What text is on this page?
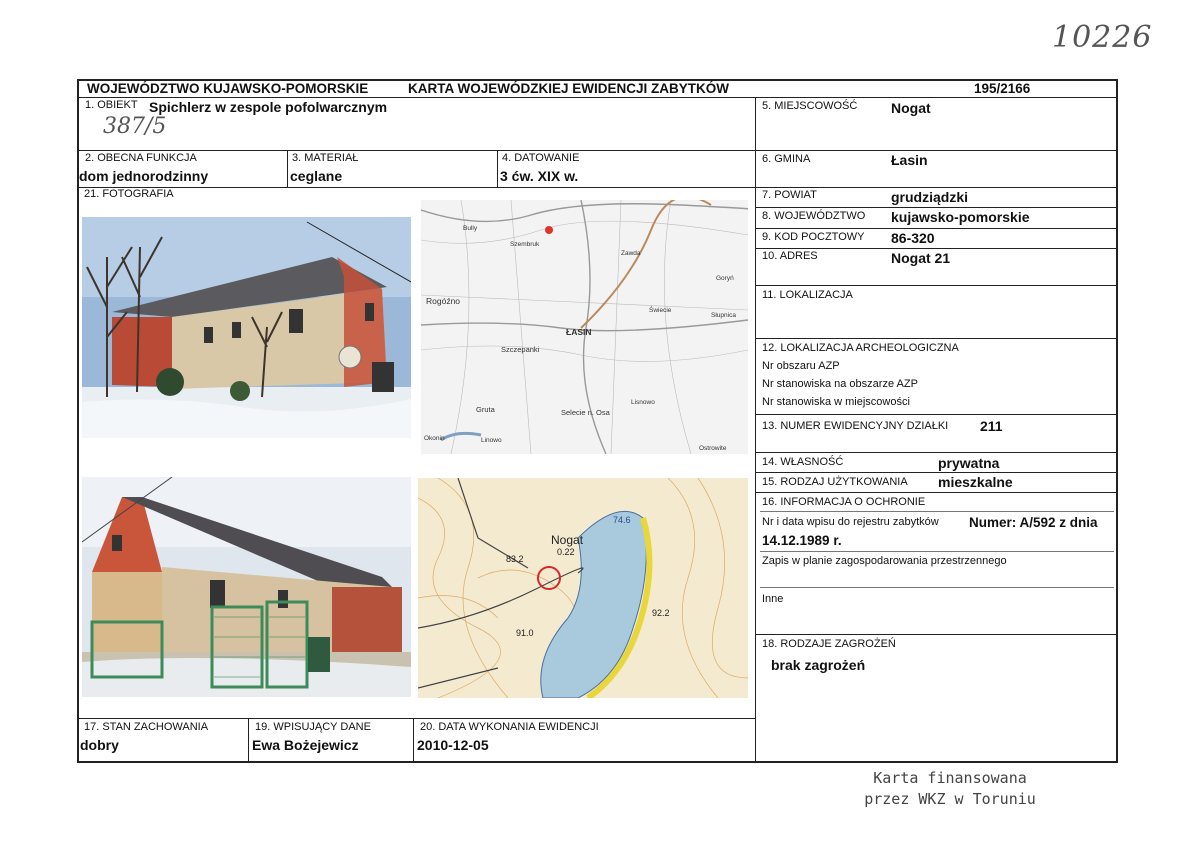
10226
WOJEWÓDZTWO KUJAWSKO-POMORSKIE	KARTA WOJEWÓDZKIEJ EWIDENCJI ZABYTKÓW	195/2166
1. OBIEKT Spichlerz w zespole pofolwarcznym
387/5
2. OBECNA FUNKCJA
dom jednorodzinny
3. MATERIAŁ
ceglane
4. DATOWANIE
3 ćw. XIX w.
21. FOTOGRAFIA
Szembruk
Rogóźno
ŁASIN
Szczepanki
Gruta	Selecie n. Osa
Linowo
Goryń
Bully
Świecie
Słupnica
Okonin
Lisnowo
Ostrowite
Zawda
Nogat
0.22
83.2
91.0
92.2
74.6
17. STAN ZACHOWANIA
dobry
19. WPISUJĄCY DANE
Ewa Bożejewicz
20. DATA WYKONANIA EWIDENCJI
2010-12-05
5. MIEJSCOWOŚĆ Nogat
6. GMINA	Łasin
7. POWIAT	grudziądzki
8. WOJEWÓDZTWO kujawsko-pomorskie
9. KOD POCZTOWY 86-320
10. ADRES	Nogat 21
11. LOKALIZACJA
12. LOKALIZACJA ARCHEOLOGICZNA
Nr obszaru AZP
Nr stanowiska na obszarze AZP
Nr stanowiska w miejscowości
13. NUMER EWIDENCYJNY DZIAŁKI 211
14. WŁASNOŚĆ	prywatna
15. RODZAJ UŻYTKOWANIA mieszkalne
16. INFORMACJA O OCHRONIE
Nr i data wpisu do rejestru zabytków Numer: A/592 z dnia
14.12.1989 r.
Zapis w planie zagospodarowania przestrzennego
Inne
18. RODZAJE ZAGROŻEŃ
brak zagrożeń
Karta finansowana
przez WKZ w Toruniu
